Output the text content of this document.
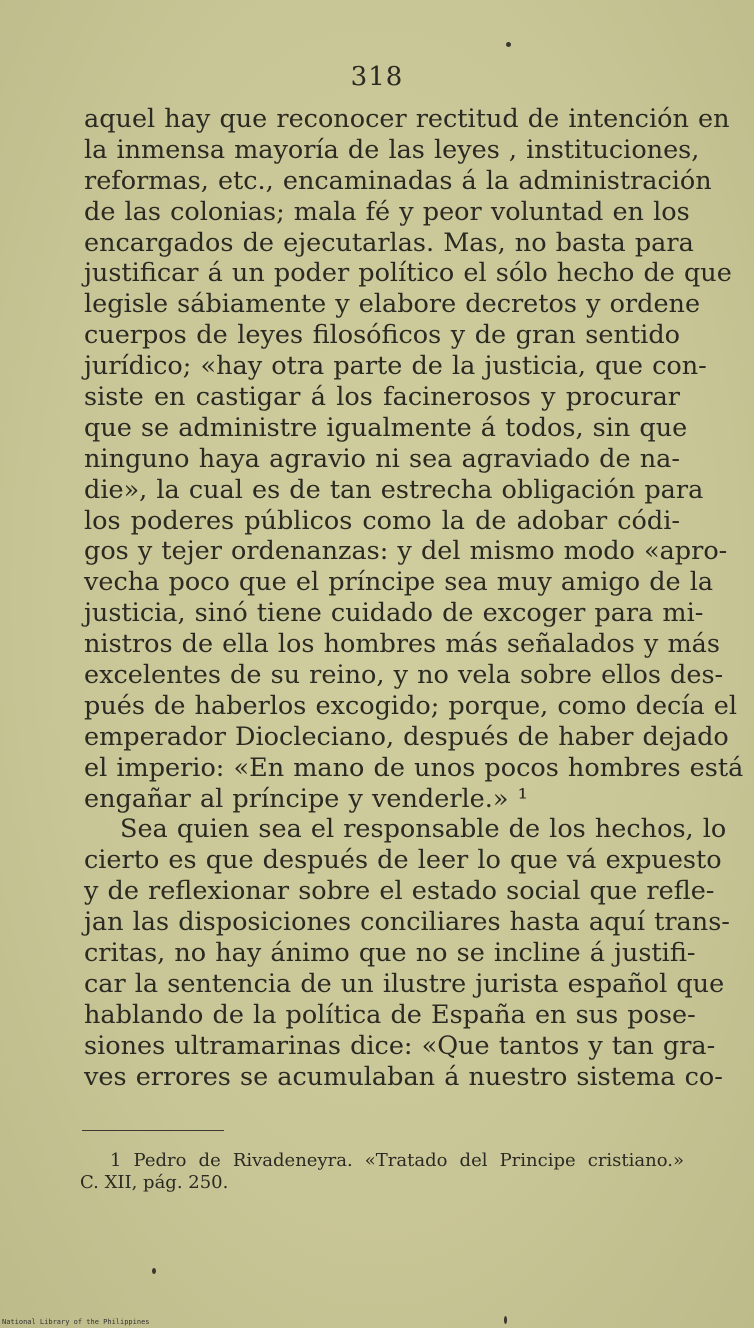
318
aquel hay que reconocer rectitud de intención en
la inmensa mayoría de las leyes , instituciones,
reformas, etc., encaminadas á la administración
de las colonias; mala fé y peor voluntad en los
encargados de ejecutarlas. Mas, no basta para
justificar á un poder político el sólo hecho de que
legisle sábiamente y elabore decretos y ordene
cuerpos de leyes filosóficos y de gran sentido
jurídico; «hay otra parte de la justicia, que con-
siste en castigar á los facinerosos y procurar
que se administre igualmente á todos, sin que
ninguno haya agravio ni sea agraviado de na-
die», la cual es de tan estrecha obligación para
los poderes públicos como la de adobar códi-
gos y tejer ordenanzas: y del mismo modo «apro-
vecha poco que el príncipe sea muy amigo de la
justicia, sinó tiene cuidado de excoger para mi-
nistros de ella los hombres más señalados y más
excelentes de su reino, y no vela sobre ellos des-
pués de haberlos excogido; porque, como decía el
emperador Diocleciano, después de haber dejado
el imperio: «En mano de unos pocos hombres está
engañar al príncipe y venderle.» ¹
Sea quien sea el responsable de los hechos, lo
cierto es que después de leer lo que vá expuesto
y de reflexionar sobre el estado social que refle-
jan las disposiciones conciliares hasta aquí trans-
critas, no hay ánimo que no se incline á justifi-
car la sentencia de un ilustre jurista español que
hablando de la política de España en sus pose-
siones ultramarinas dice: «Que tantos y tan gra-
ves errores se acumulaban á nuestro sistema co-
1 Pedro de Rivadeneyra. «Tratado del Principe cristiano.»
C. XII, pág. 250.
National Library of the Philippines
